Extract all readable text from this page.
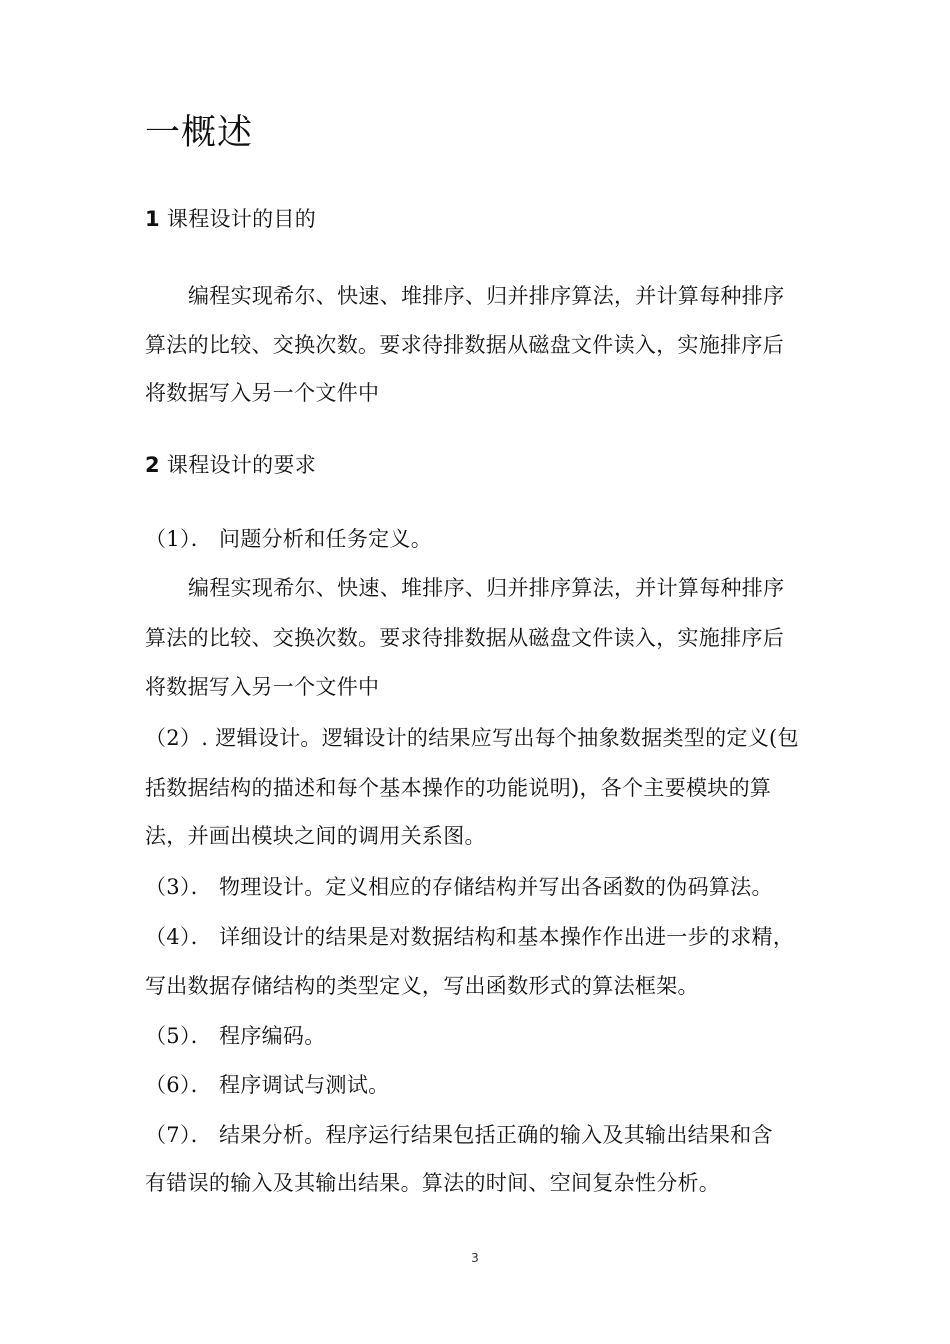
一概述
1 课程设计的目的
编程实现希尔、快速、堆排序、归并排序算法，并计算每种排序
算法的比较、交换次数。要求待排数据从磁盘文件读入，实施排序后
将数据写入另一个文件中
2 课程设计的要求
（1）． 问题分析和任务定义。
编程实现希尔、快速、堆排序、归并排序算法，并计算每种排序
算法的比较、交换次数。要求待排数据从磁盘文件读入，实施排序后
将数据写入另一个文件中
（2）. 逻辑设计。逻辑设计的结果应写出每个抽象数据类型的定义(包
括数据结构的描述和每个基本操作的功能说明)，各个主要模块的算
法，并画出模块之间的调用关系图。
（3）． 物理设计。定义相应的存储结构并写出各函数的伪码算法。
（4）． 详细设计的结果是对数据结构和基本操作作出进一步的求精，
写出数据存储结构的类型定义，写出函数形式的算法框架。
（5）． 程序编码。
（6）． 程序调试与测试。
（7）． 结果分析。程序运行结果包括正确的输入及其输出结果和含
有错误的输入及其输出结果。算法的时间、空间复杂性分析。
3
